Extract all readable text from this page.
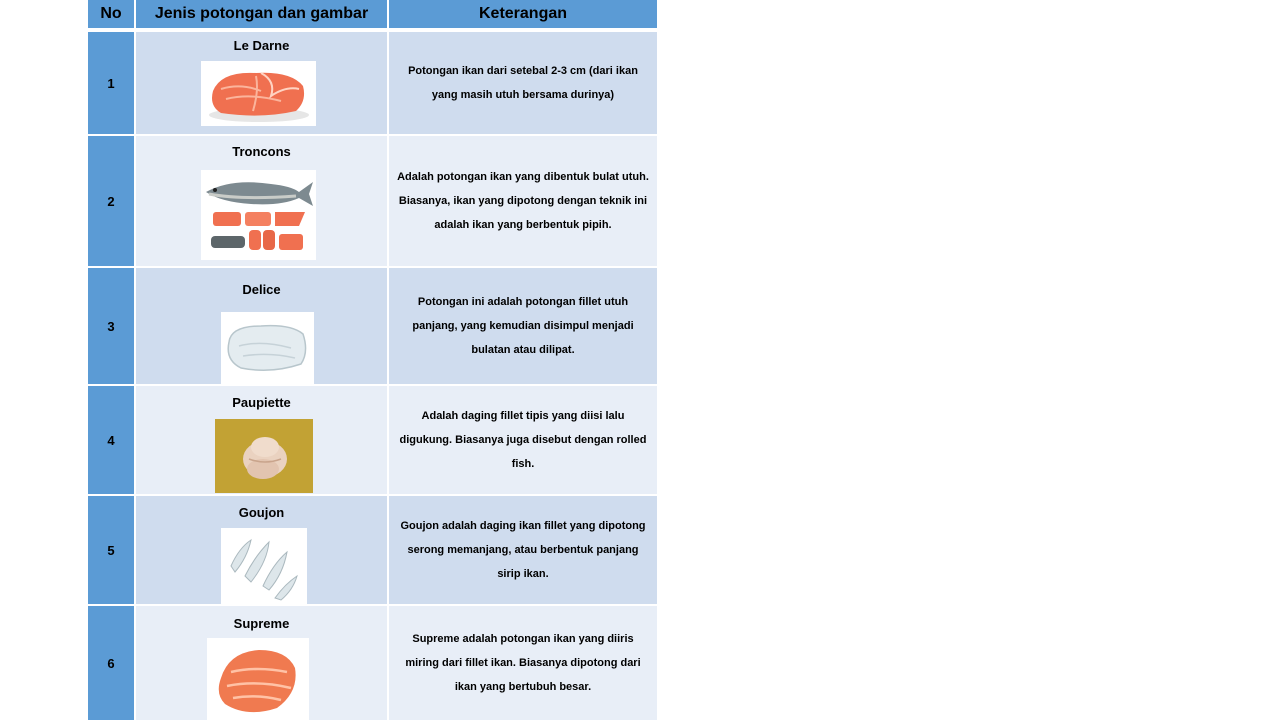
No	Jenis potongan dan gambar	Keterangan
1
Le Darne
Potongan ikan dari setebal 2-3 cm (dari ikan yang masih utuh bersama durinya)
2
Troncons
Adalah potongan ikan yang dibentuk bulat utuh. Biasanya, ikan yang dipotong dengan teknik ini adalah ikan yang berbentuk pipih.
3
Delice
Potongan ini adalah potongan fillet utuh panjang, yang kemudian disimpul menjadi bulatan atau dilipat.
4
Paupiette
Adalah daging fillet tipis yang diisi lalu digukung. Biasanya juga disebut dengan rolled fish.
5
Goujon
Goujon adalah daging ikan fillet yang dipotong serong memanjang, atau berbentuk panjang sirip ikan.
6
Supreme
Supreme adalah potongan ikan yang diiris miring dari fillet ikan. Biasanya dipotong dari ikan yang bertubuh besar.
